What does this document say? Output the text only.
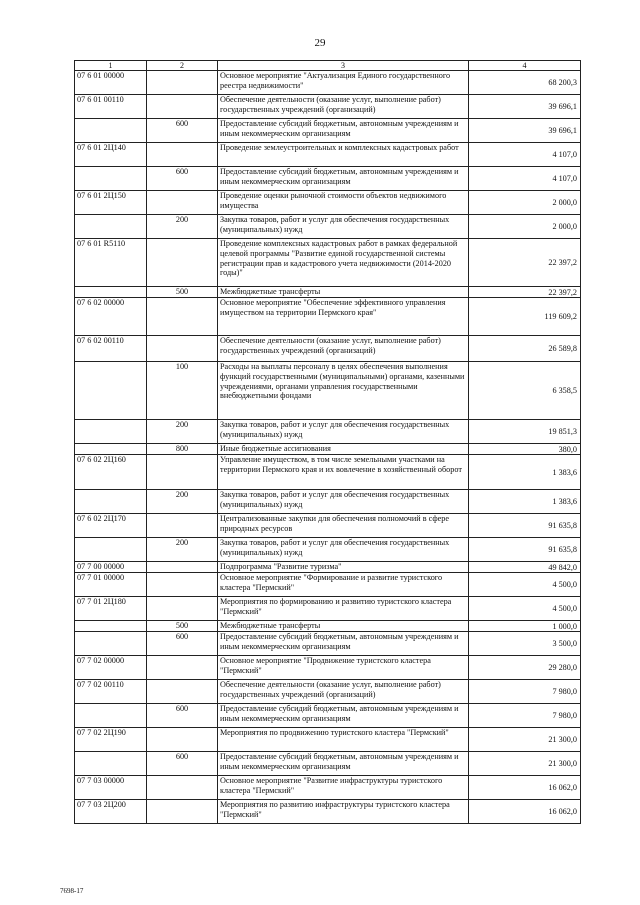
29
1	2	3	4
07 6 01 00000		Основное мероприятие "Актуализация Единого государственного реестра недвижимости"	68 200,3
07 6 01 00110		Обеспечение деятельности (оказание услуг, выполнение работ) государственных учреждений (организаций)	39 696,1
	600	Предоставление субсидий бюджетным, автономным учреждениям и иным некоммерческим организациям	39 696,1
07 6 01 2Ц140		Проведение землеустроительных и комплексных кадастровых работ	4 107,0
	600	Предоставление субсидий бюджетным, автономным учреждениям и иным некоммерческим организациям	4 107,0
07 6 01 2Ц150		Проведение оценки рыночной стоимости объектов недвижимого имущества	2 000,0
	200	Закупка товаров, работ и услуг для обеспечения государственных (муниципальных) нужд	2 000,0
07 6 01 R5110		Проведение комплексных кадастровых работ в рамках федеральной целевой программы "Развитие единой государственной системы регистрации прав и кадастрового учета недвижимости (2014-2020 годы)"	22 397,2
	500	Межбюджетные трансферты	22 397,2
07 6 02 00000		Основное мероприятие "Обеспечение эффективного управления имуществом на территории Пермского края"	119 609,2
07 6 02 00110		Обеспечение деятельности (оказание услуг, выполнение работ) государственных учреждений (организаций)	26 589,8
	100	Расходы на выплаты персоналу в целях обеспечения выполнения функций государственными (муниципальными) органами, казенными учреждениями, органами управления государственными внебюджетными фондами	6 358,5
	200	Закупка товаров, работ и услуг для обеспечения государственных (муниципальных) нужд	19 851,3
	800	Иные бюджетные ассигнования	380,0
07 6 02 2Ц160		Управление имуществом, в том числе земельными участками на территории Пермского края и их вовлечение в хозяйственный оборот	1 383,6
	200	Закупка товаров, работ и услуг для обеспечения государственных (муниципальных) нужд	1 383,6
07 6 02 2Ц170		Централизованные закупки для обеспечения полномочий в сфере природных ресурсов	91 635,8
	200	Закупка товаров, работ и услуг для обеспечения государственных (муниципальных) нужд	91 635,8
07 7 00 00000		Подпрограмма "Развитие туризма"	49 842,0
07 7 01 00000		Основное мероприятие "Формирование и развитие туристского кластера "Пермский"	4 500,0
07 7 01 2Ц180		Мероприятия по формированию и развитию туристского кластера "Пермский"	4 500,0
	500	Межбюджетные трансферты	1 000,0
	600	Предоставление субсидий бюджетным, автономным учреждениям и иным некоммерческим организациям	3 500,0
07 7 02 00000		Основное мероприятие "Продвижение туристского кластера "Пермский"	29 280,0
07 7 02 00110		Обеспечение деятельности (оказание услуг, выполнение работ) государственных учреждений (организаций)	7 980,0
	600	Предоставление субсидий бюджетным, автономным учреждениям и иным некоммерческим организациям	7 980,0
07 7 02 2Ц190		Мероприятия по продвижению туристского кластера "Пермский"	21 300,0
	600	Предоставление субсидий бюджетным, автономным учреждениям и иным некоммерческим организациям	21 300,0
07 7 03 00000		Основное мероприятие "Развитие инфраструктуры туристского кластера "Пермский"	16 062,0
07 7 03 2Ц200		Мероприятия по развитию инфраструктуры туристского кластера "Пермский"	16 062,0
7698-17
